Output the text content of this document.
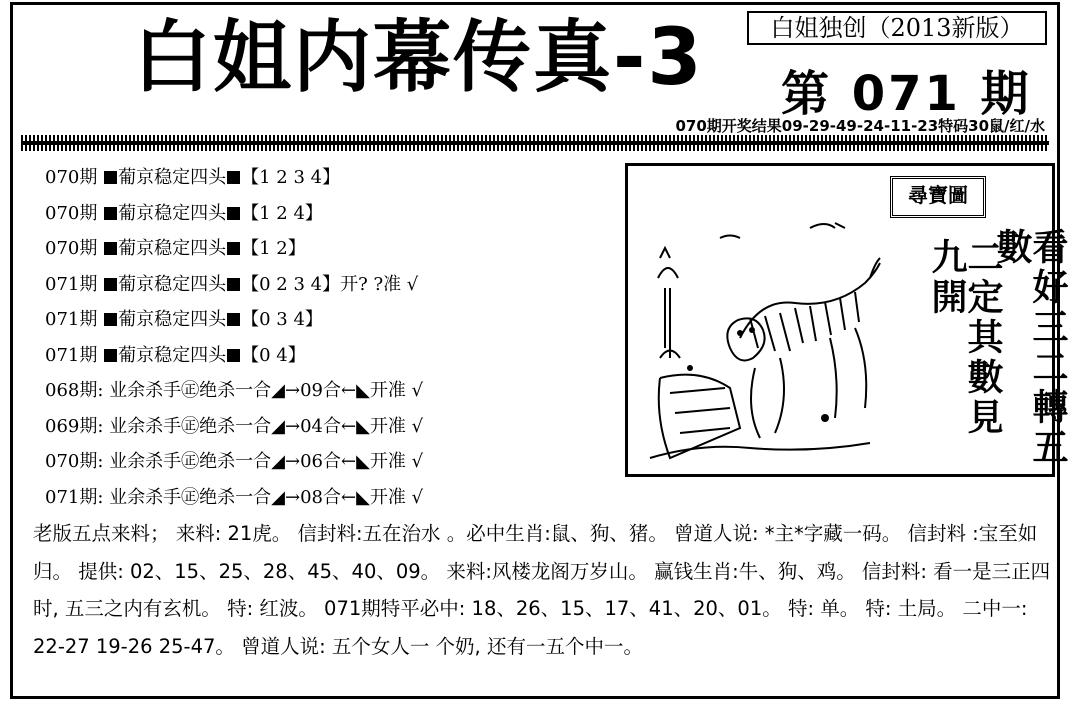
白姐内幕传真-3	白姐独创（2013新版）
第 071 期
070期开奖结果09-29-49-24-11-23特码30鼠/红/水
070期 葡京稳定四头 【1 2 3 4】
070期 葡京稳定四头 【1 2 4】
070期 葡京稳定四头 【1 2】
071期 葡京稳定四头 【0 2 3 4】开? ?准 √
071期 葡京稳定四头 【0 3 4】
071期 葡京稳定四头 【0 4】
068期: 业余杀手㊣绝杀一合◢→09合←◣开准 √
069期: 业余杀手㊣绝杀一合◢→04合←◣开准 √
070期: 业余杀手㊣绝杀一合◢→06合←◣开准 √
071期: 业余杀手㊣绝杀一合◢→08合←◣开准 √
尋寶圖
二定其數見九開	看好三二轉五數
老版五点来料； 来料: 21虎。 信封料:五在治水 。必中生肖:鼠、狗、猪。 曾道人说: *主*字藏一码。 信封料 :宝至如归。 提供: 02、15、25、28、45、40、09。 来料:风楼龙阁万岁山。 赢钱生肖:牛、狗、鸡。 信封料: 看一是三正四时, 五三之内有玄机。 特: 红波。 071期特平必中: 18、26、15、17、41、20、01。 特: 单。 特: 土局。 二中一: 22-27 19-26 25-47。 曾道人说: 五个女人一 个奶, 还有一五个中一。
